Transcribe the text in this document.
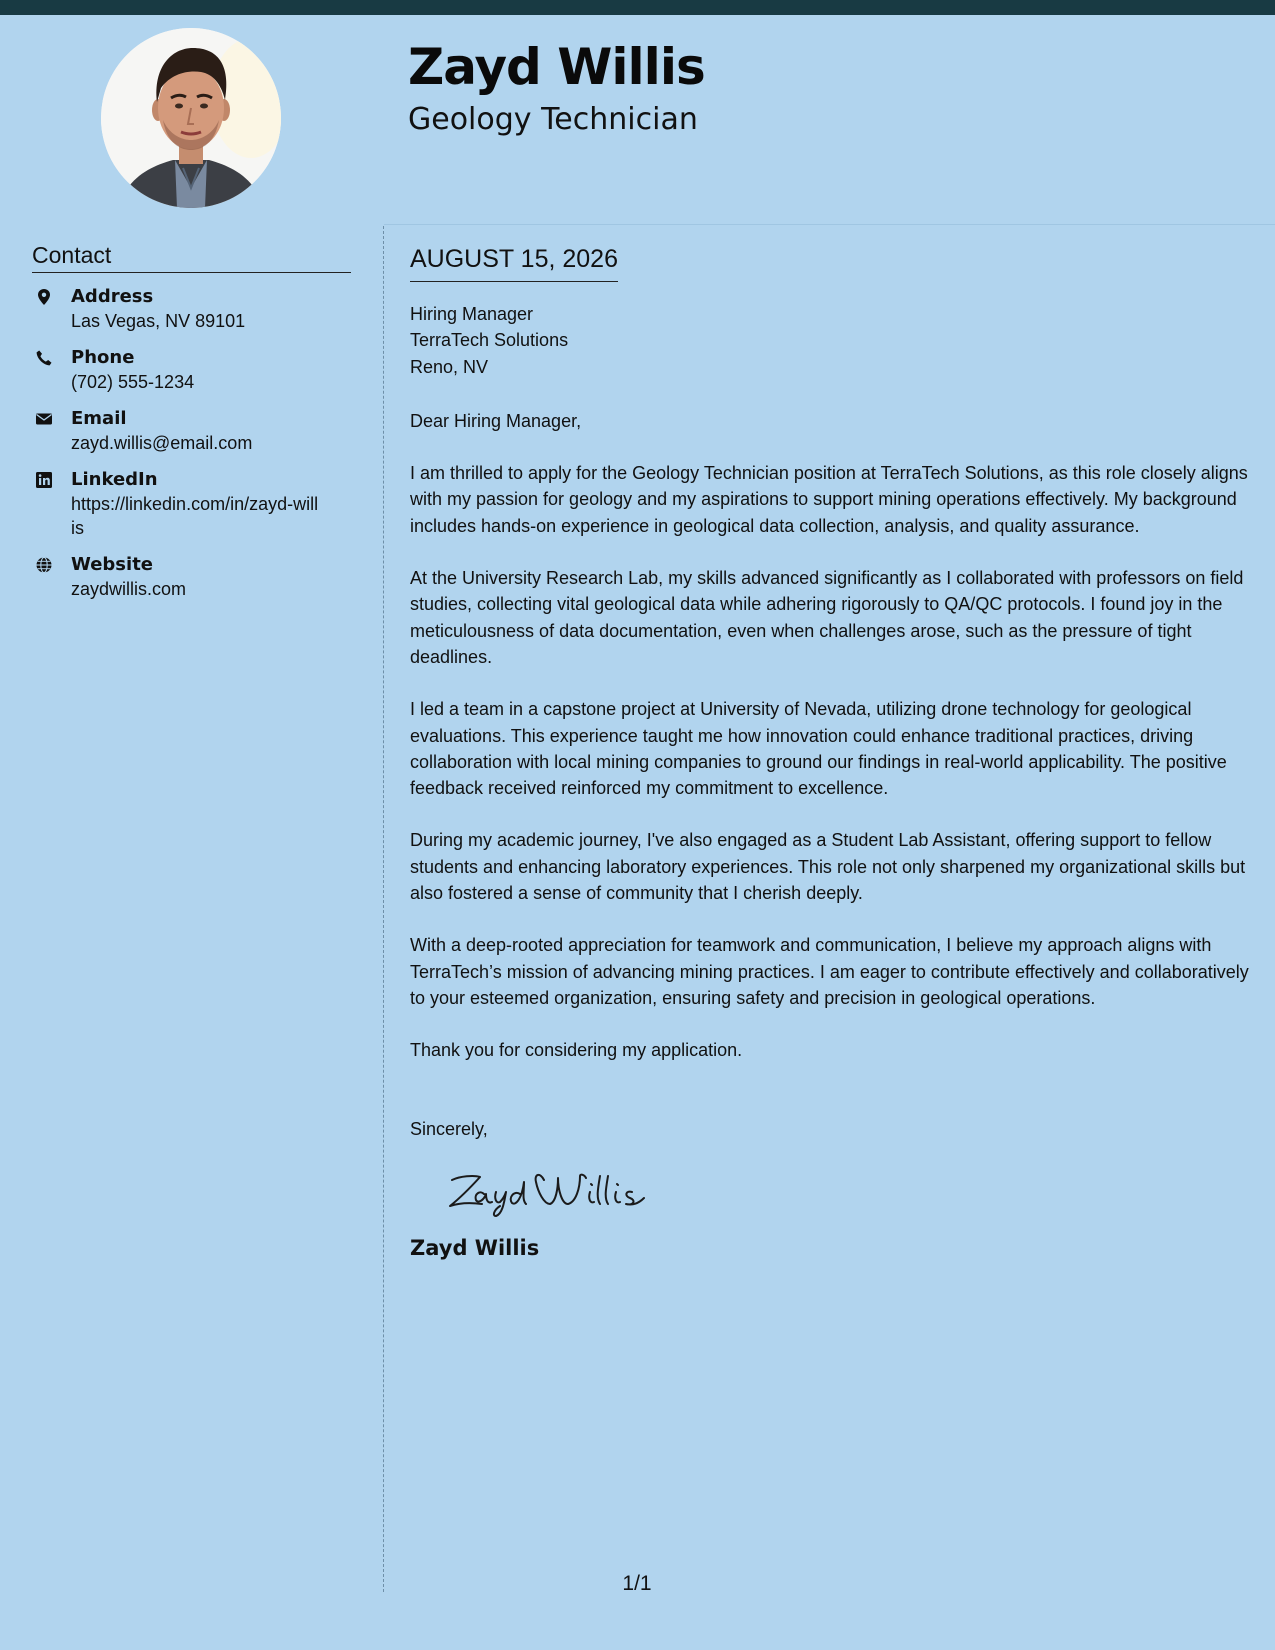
Zayd Willis
Geology Technician
Contact
Address
Las Vegas, NV 89101
Phone
(702) 555-1234
Email
zayd.willis@email.com
LinkedIn
https://linkedin.com/in/zayd-willis
Website
zaydwillis.com
AUGUST 15, 2026
Hiring Manager
TerraTech Solutions
Reno, NV
Dear Hiring Manager,

I am thrilled to apply for the Geology Technician position at TerraTech Solutions, as this role closely aligns with my passion for geology and my aspirations to support mining operations effectively. My background includes hands-on experience in geological data collection, analysis, and quality assurance.

At the University Research Lab, my skills advanced significantly as I collaborated with professors on field studies, collecting vital geological data while adhering rigorously to QA/QC protocols. I found joy in the meticulousness of data documentation, even when challenges arose, such as the pressure of tight deadlines.

I led a team in a capstone project at University of Nevada, utilizing drone technology for geological evaluations. This experience taught me how innovation could enhance traditional practices, driving collaboration with local mining companies to ground our findings in real-world applicability. The positive feedback received reinforced my commitment to excellence.

During my academic journey, I've also engaged as a Student Lab Assistant, offering support to fellow students and enhancing laboratory experiences. This role not only sharpened my organizational skills but also fostered a sense of community that I cherish deeply.

With a deep-rooted appreciation for teamwork and communication, I believe my approach aligns with TerraTech’s mission of advancing mining practices. I am eager to contribute effectively and collaboratively to your esteemed organization, ensuring safety and precision in geological operations.

Thank you for considering my application.

Sincerely,
Zayd Willis
1/1
